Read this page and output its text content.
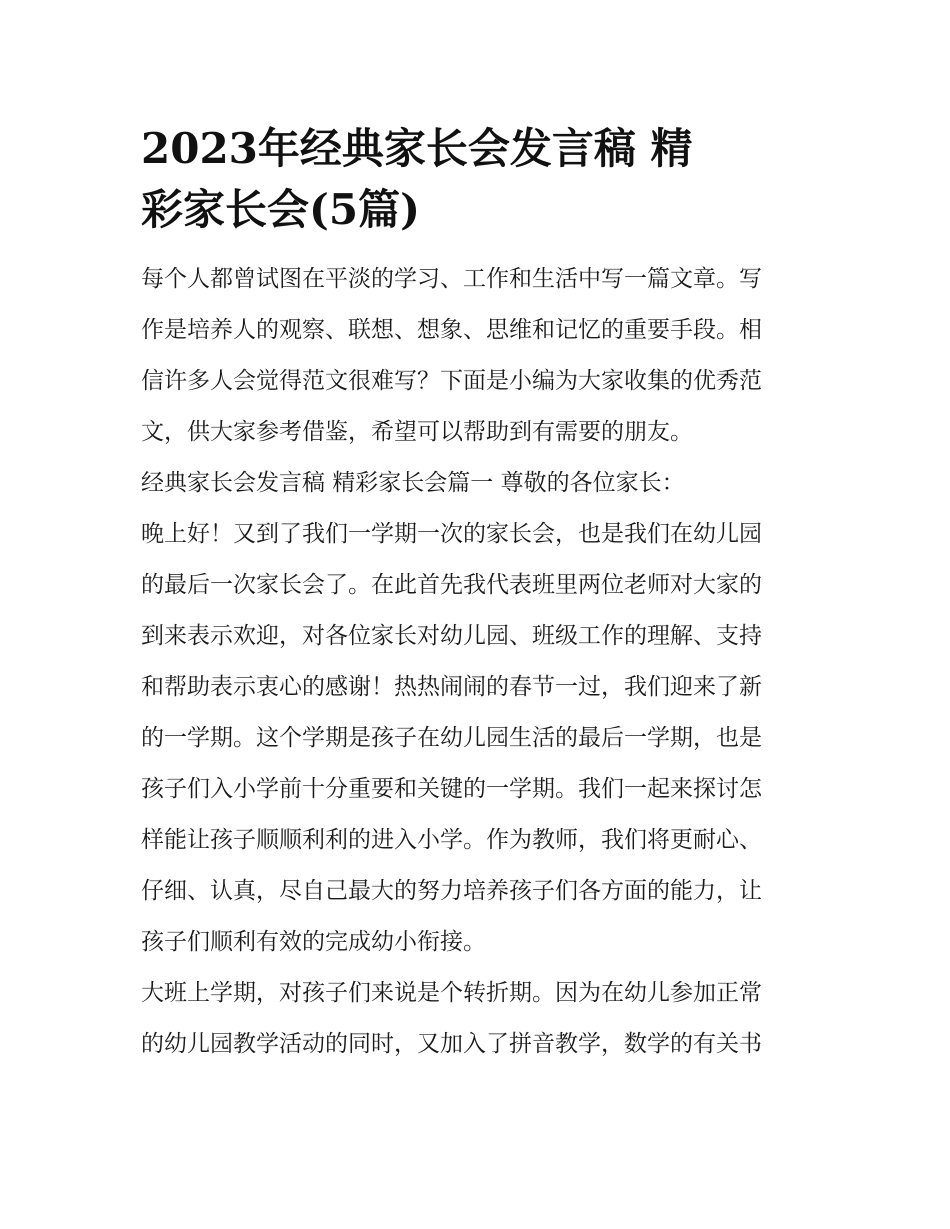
2023年经典家长会发言稿 精
彩家长会(5篇)

每个人都曾试图在平淡的学习、工作和生活中写一篇文章。写
作是培养人的观察、联想、想象、思维和记忆的重要手段。相
信许多人会觉得范文很难写？下面是小编为大家收集的优秀范
文，供大家参考借鉴，希望可以帮助到有需要的朋友。

经典家长会发言稿 精彩家长会篇一 尊敬的各位家长：

晚上好！又到了我们一学期一次的家长会，也是我们在幼儿园
的最后一次家长会了。在此首先我代表班里两位老师对大家的
到来表示欢迎，对各位家长对幼儿园、班级工作的理解、支持
和帮助表示衷心的感谢！热热闹闹的春节一过，我们迎来了新
的一学期。这个学期是孩子在幼儿园生活的最后一学期，也是
孩子们入小学前十分重要和关键的一学期。我们一起来探讨怎
样能让孩子顺顺利利的进入小学。作为教师，我们将更耐心、
仔细、认真，尽自己最大的努力培养孩子们各方面的能力，让
孩子们顺利有效的完成幼小衔接。

大班上学期，对孩子们来说是个转折期。因为在幼儿参加正常
的幼儿园教学活动的同时，又加入了拼音教学，数学的有关书
